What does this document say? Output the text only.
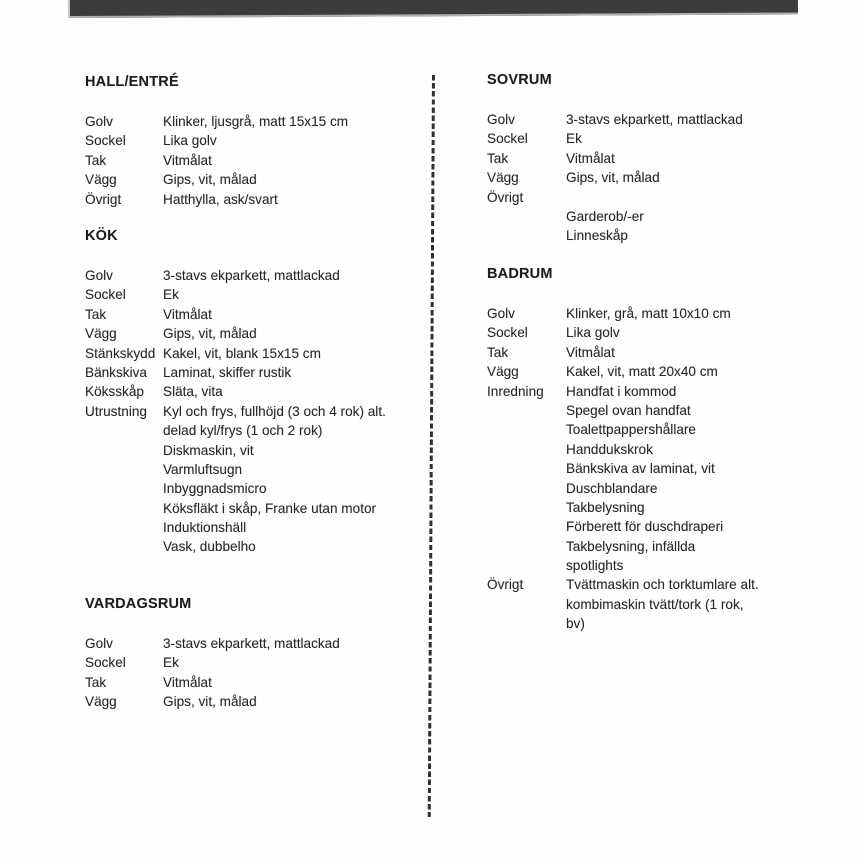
HALL/ENTRÉ
Golv	Klinker, ljusgrå, matt 15x15 cm
Sockel	Lika golv
Tak	Vitmålat
Vägg	Gips, vit, målad
Övrigt	Hatthylla, ask/svart
KÖK
Golv	3-stavs ekparkett, mattlackad
Sockel	Ek
Tak	Vitmålat
Vägg	Gips, vit, målad
Stänkskydd Kakel, vit, blank 15x15 cm
Bänkskiva Laminat, skiffer rustik
Köksskåp Släta, vita
Utrustning Kyl och frys, fullhöjd (3 och 4 rok) alt.
delad kyl/frys (1 och 2 rok)
Diskmaskin, vit
Varmluftsugn
Inbyggnadsmicro
Köksfläkt i skåp, Franke utan motor
Induktionshäll
Vask, dubbelho
VARDAGSRUM
Golv	3-stavs ekparkett, mattlackad
Sockel	Ek
Tak	Vitmålat
Vägg	Gips, vit, målad
SOVRUM
Golv	3-stavs ekparkett, mattlackad
Sockel	Ek
Tak	Vitmålat
Vägg	Gips, vit, målad
Övrigt
Garderob/-er
Linneskåp
BADRUM
Golv	Klinker, grå, matt 10x10 cm
Sockel	Lika golv
Tak	Vitmålat
Vägg	Kakel, vit, matt 20x40 cm
Inredning Handfat i kommod
Spegel ovan handfat
Toalettpappershållare
Handdukskrok
Bänkskiva av laminat, vit
Duschblandare
Takbelysning
Förberett för duschdraperi
Takbelysning, infällda
spotlights
Övrigt	Tvättmaskin och torktumlare alt.
kombimaskin tvätt/tork (1 rok,
bv)
